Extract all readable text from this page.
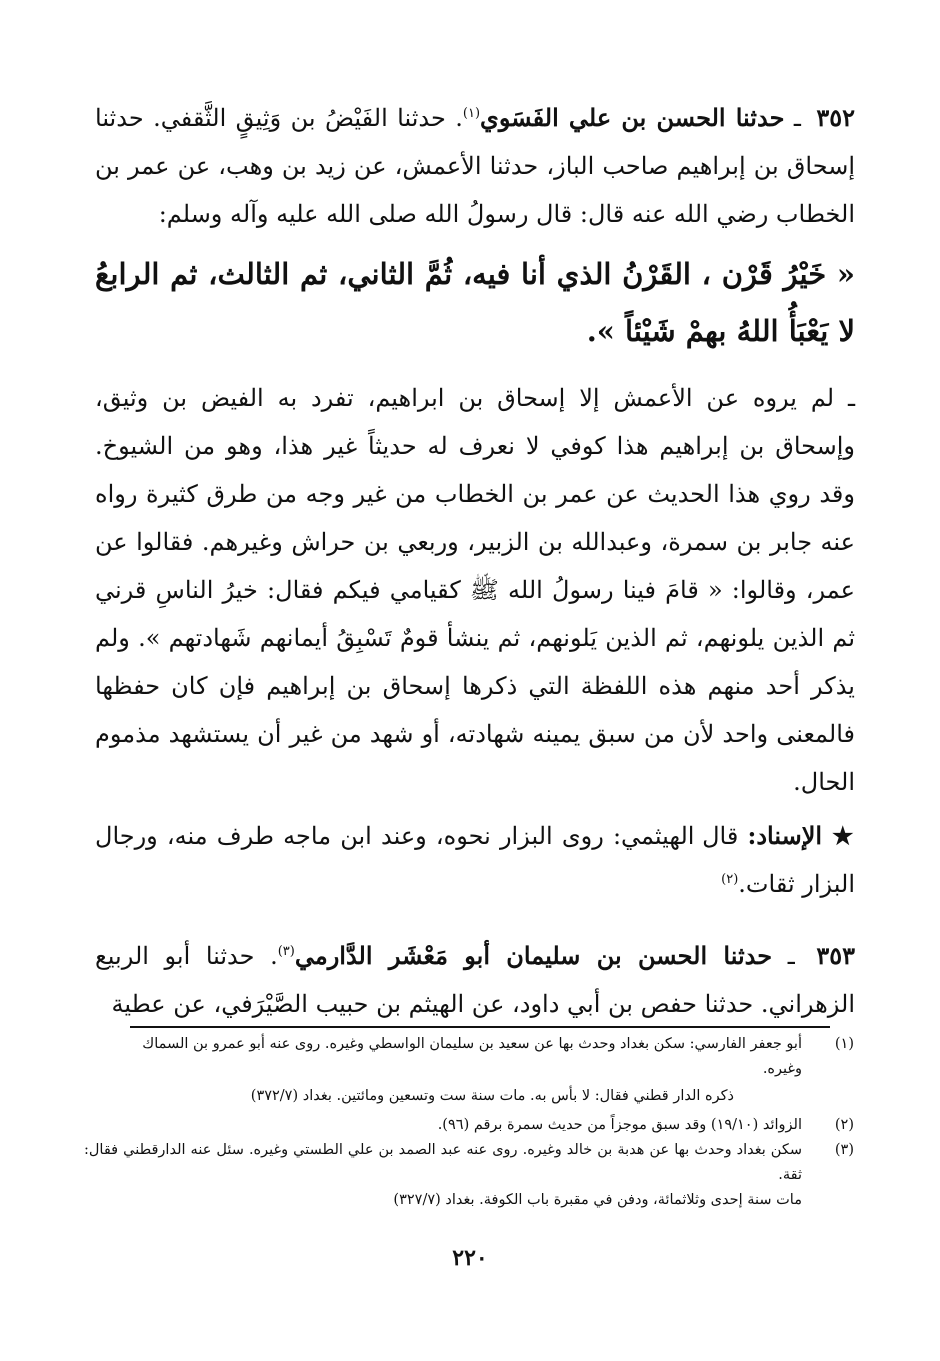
٣٥٢ ـ حدثنا الحسن بن علي الفَسَوي$^{(١)}$. حدثنا الفَيْضُ بن وَثِيقٍ الثَّقفي. حدثنا إسحاق بن إبراهيم صاحب الباز، حدثنا الأعمش، عن زيد بن وهب، عن عمر بن الخطاب رضي الله عنه قال: قال رسولُ الله صلى الله عليه وآله وسلم:

« خَيْرُ قَرْن ، القَرْنُ الذي أنا فيه، ثُمَّ الثاني، ثم الثالث، ثم الرابعُ لا يَعْبَأُ اللهُ بهمْ شَيْئاً ».

ـ لم يروه عن الأعمش إلا إسحاق بن ابراهيم، تفرد به الفيض بن وثيق، وإسحاق بن إبراهيم هذا كوفي لا نعرف له حديثاً غير هذا، وهو من الشيوخ. وقد روي هذا الحديث عن عمر بن الخطاب من غير وجه من طرق كثيرة رواه عنه جابر بن سمرة، وعبدالله بن الزبير، وربعي بن حراش وغيرهم. فقالوا عن عمر، وقالوا: « قامَ فينا رسولُ الله ﷺ كقيامي فيكم فقال: خيرُ الناسِ قرني ثم الذين يلونهم، ثم الذين يَلونهم، ثم ينشأ قومٌ تَسْبِقُ أيمانهم شَهادتهم ». ولم يذكر أحد منهم هذه اللفظة التي ذكرها إسحاق بن إبراهيم فإن كان حفظها فالمعنى واحد لأن من سبق يمينه شهادته، أو شهد من غير أن يستشهد مذموم الحال.

★ الإسناد: قال الهيثمي: روى البزار نحوه، وعند ابن ماجه طرف منه، ورجال البزار ثقات.$^{(٢)}$

٣٥٣ ـ حدثنا الحسن بن سليمان أبو مَعْشَر الدَّارمي$^{(٣)}$. حدثنا أبو الربيع الزهراني. حدثنا حفص بن أبي داود، عن الهيثم بن حبيب الصَّيْرَفي، عن عطية

(١)
أبو جعفر الفارسي: سكن بغداد وحدث بها عن سعيد بن سليمان الواسطي وغيره. روى عنه أبو عمرو بن السماك

وغيره.

ذكره الدار قطني فقال: لا بأس به. مات سنة ست وتسعين ومائتين. بغداد (٣٧٢/٧)

(٢)
الزوائد (١٩/١٠) وقد سبق موجزاً من حديث سمرة برقم (٩٦).
(٣)
سكن بغداد وحدث بها عن هدبة بن خالد وغيره. روى عنه عبد الصمد بن علي الطستي وغيره. سئل عنه الدارقطني فقال: ثقة.

مات سنة إحدى وثلاثمائة، ودفن في مقبرة باب الكوفة. بغداد (٣٢٧/٧)

٢٢٠
